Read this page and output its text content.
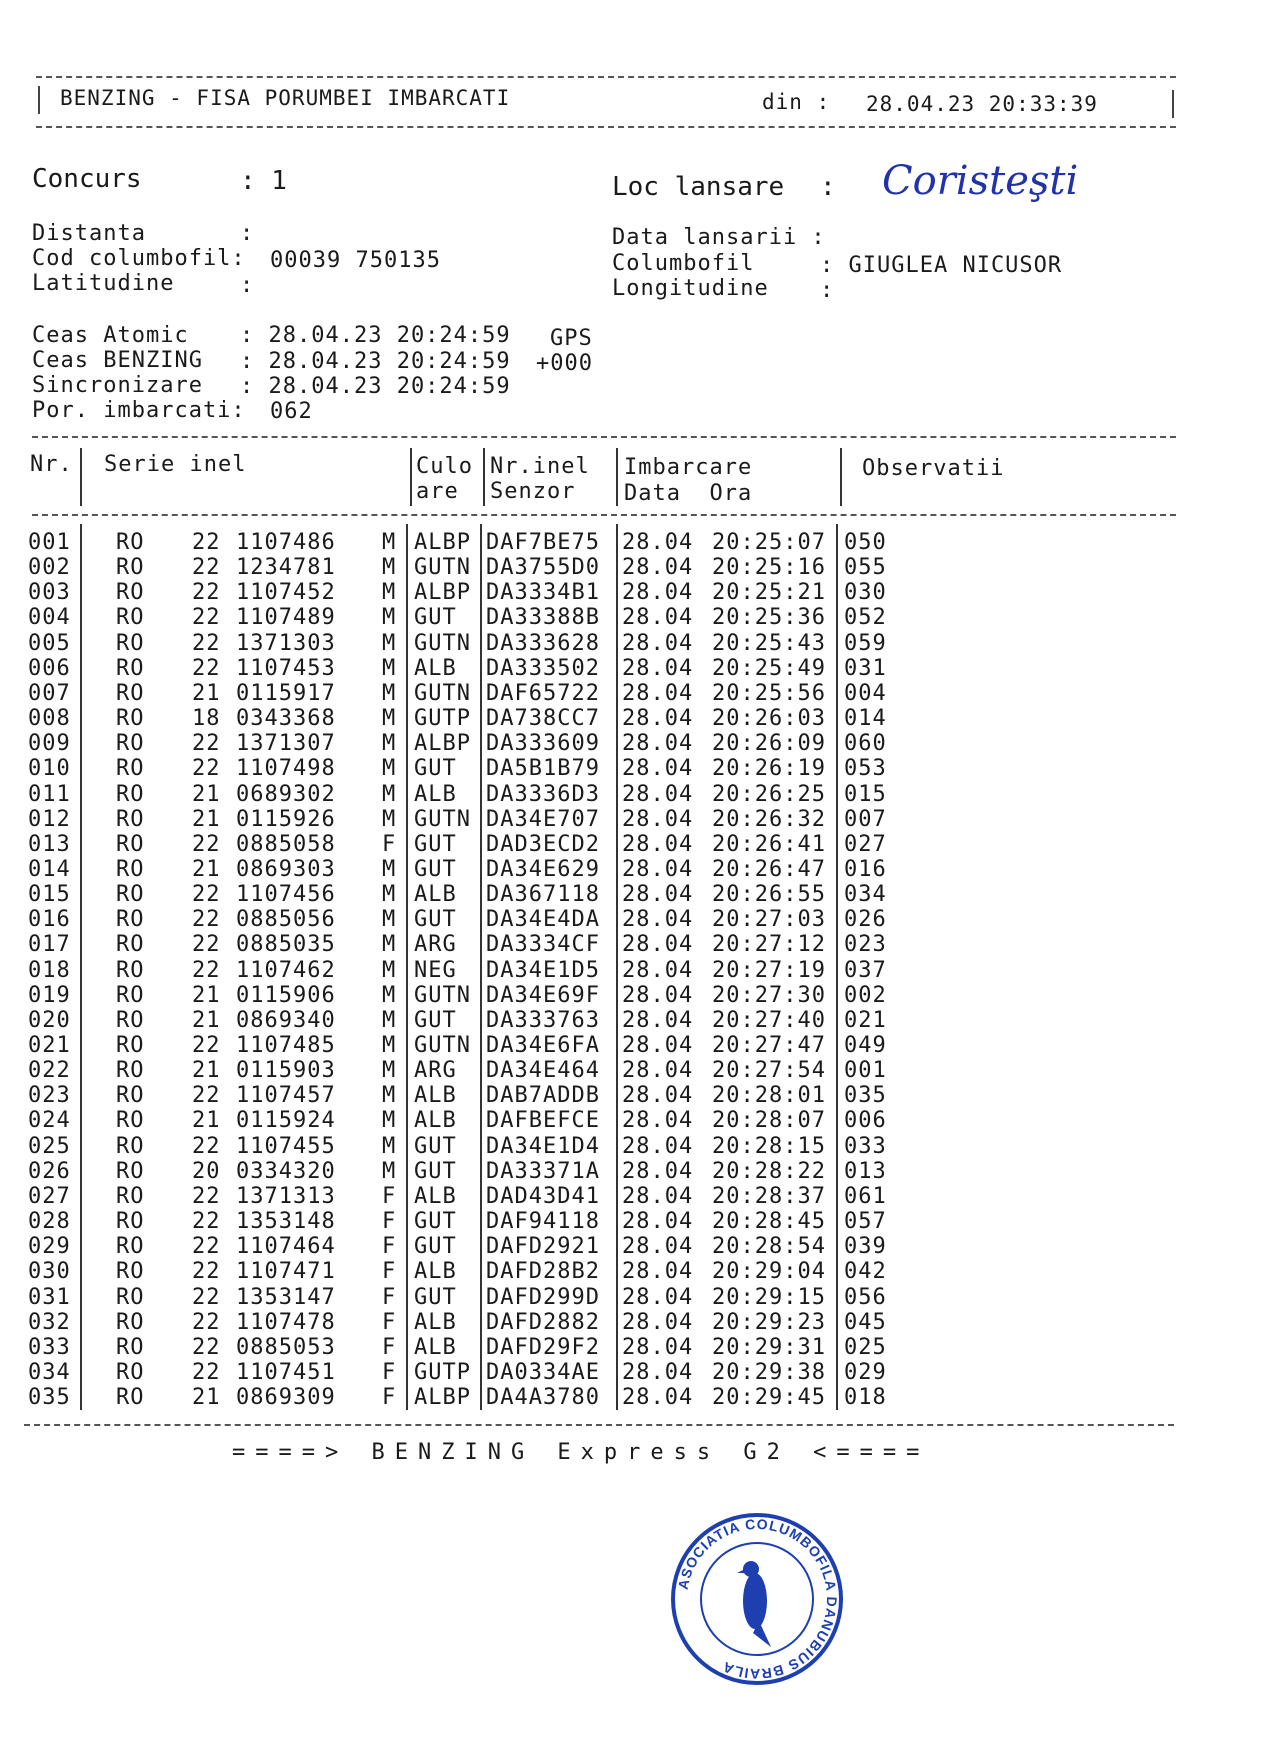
BENZING - FISA PORUMBEI IMBARCATI	din : 28.04.23 20:33:39
Concurs	: 1	Loc lansare : Coristeşti
Distanta	:
Cod columbofil: 00039 750135
Latitudine	:
Data lansarii :
Columbofil	: GIUGLEA NICUSOR
Longitudine :
Ceas Atomic : 28.04.23 20:24:59 GPS
Ceas BENZING : 28.04.23 20:24:59 +000
Sincronizare : 28.04.23 20:24:59
Por. imbarcati: 062
Nr. Serie inel	Culo
are
Nr.inel
Senzor
Imbarcare
Data  Ora
Observatii
001 RO 22 1107486 M ALBP DAF7BE75 28.04 20:25:07 050
002 RO 22 1234781 M GUTN DA3755D0 28.04 20:25:16 055
003 RO 22 1107452 M ALBP DA3334B1 28.04 20:25:21 030
004 RO 22 1107489 M GUT DA33388B 28.04 20:25:36 052
005 RO 22 1371303 M GUTN DA333628 28.04 20:25:43 059
006 RO 22 1107453 M ALB DA333502 28.04 20:25:49 031
007 RO 21 0115917 M GUTN DAF65722 28.04 20:25:56 004
008 RO 18 0343368 M GUTP DA738CC7 28.04 20:26:03 014
009 RO 22 1371307 M ALBP DA333609 28.04 20:26:09 060
010 RO 22 1107498 M GUT DA5B1B79 28.04 20:26:19 053
011 RO 21 0689302 M ALB DA3336D3 28.04 20:26:25 015
012 RO 21 0115926 M GUTN DA34E707 28.04 20:26:32 007
013 RO 22 0885058 F GUT DAD3ECD2 28.04 20:26:41 027
014 RO 21 0869303 M GUT DA34E629 28.04 20:26:47 016
015 RO 22 1107456 M ALB DA367118 28.04 20:26:55 034
016 RO 22 0885056 M GUT DA34E4DA 28.04 20:27:03 026
017 RO 22 0885035 M ARG DA3334CF 28.04 20:27:12 023
018 RO 22 1107462 M NEG DA34E1D5 28.04 20:27:19 037
019 RO 21 0115906 M GUTN DA34E69F 28.04 20:27:30 002
020 RO 21 0869340 M GUT DA333763 28.04 20:27:40 021
021 RO 22 1107485 M GUTN DA34E6FA 28.04 20:27:47 049
022 RO 21 0115903 M ARG DA34E464 28.04 20:27:54 001
023 RO 22 1107457 M ALB DAB7ADDB 28.04 20:28:01 035
024 RO 21 0115924 M ALB DAFBEFCE 28.04 20:28:07 006
025 RO 22 1107455 M GUT DA34E1D4 28.04 20:28:15 033
026 RO 20 0334320 M GUT DA33371A 28.04 20:28:22 013
027 RO 22 1371313 F ALB DAD43D41 28.04 20:28:37 061
028 RO 22 1353148 F GUT DAF94118 28.04 20:28:45 057
029 RO 22 1107464 F GUT DAFD2921 28.04 20:28:54 039
030 RO 22 1107471 F ALB DAFD28B2 28.04 20:29:04 042
031 RO 22 1353147 F GUT DAFD299D 28.04 20:29:15 056
032 RO 22 1107478 F ALB DAFD2882 28.04 20:29:23 045
033 RO 22 0885053 F ALB DAFD29F2 28.04 20:29:31 025
034 RO 22 1107451 F GUTP DA0334AE 28.04 20:29:38 029
035 RO 21 0869309 F ALBP DA4A3780 28.04 20:29:45 018
====> BENZING Express G2 <====

ASOCIATIA COLUMBOFILA DANUBIUS BRAILA
